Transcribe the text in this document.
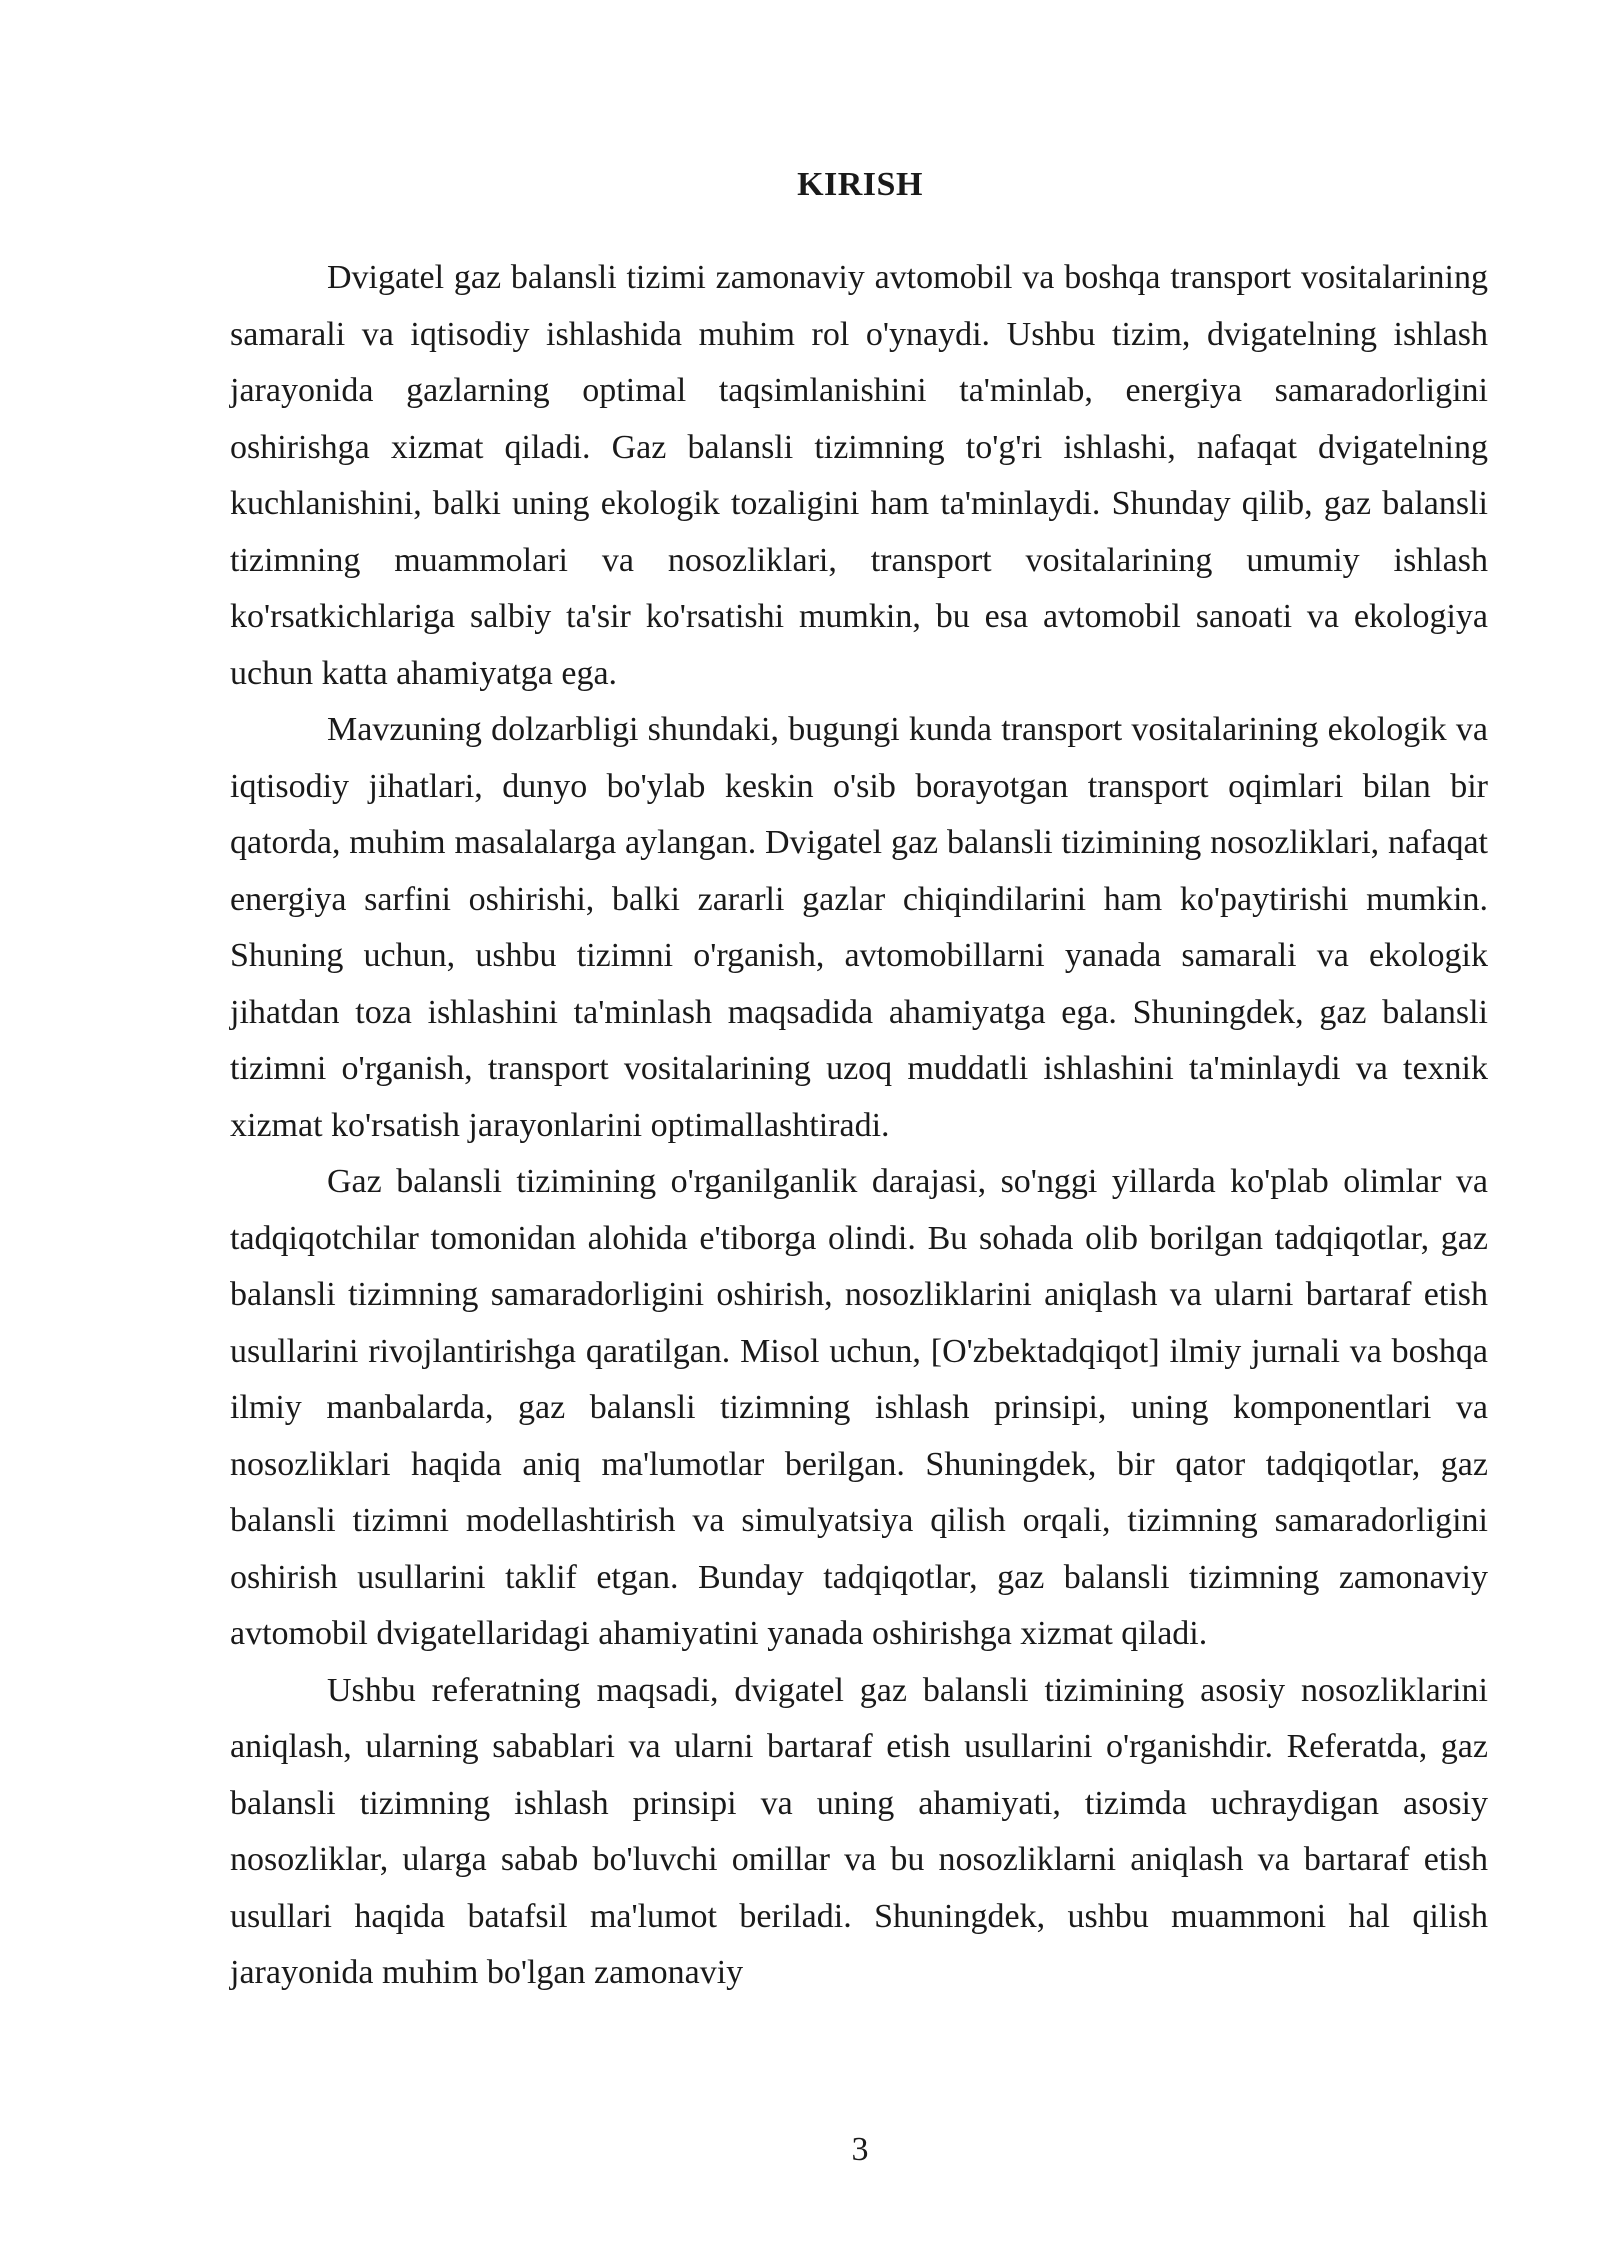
KIRISH

Dvigatel gaz balansli tizimi zamonaviy avtomobil va boshqa transport vositalarining samarali va iqtisodiy ishlashida muhim rol o'ynaydi. Ushbu tizim, dvigatelning ishlash jarayonida gazlarning optimal taqsimlanishini ta'minlab, energiya samaradorligini oshirishga xizmat qiladi. Gaz balansli tizimning to'g'ri ishlashi, nafaqat dvigatelning kuchlanishini, balki uning ekologik tozaligini ham ta'minlaydi. Shunday qilib, gaz balansli tizimning muammolari va nosozliklari, transport vositalarining umumiy ishlash ko'rsatkichlariga salbiy ta'sir ko'rsatishi mumkin, bu esa avtomobil sanoati va ekologiya uchun katta ahamiyatga ega.

Mavzuning dolzarbligi shundaki, bugungi kunda transport vositalarining ekologik va iqtisodiy jihatlari, dunyo bo'ylab keskin o'sib borayotgan transport oqimlari bilan bir qatorda, muhim masalalarga aylangan. Dvigatel gaz balansli tizimining nosozliklari, nafaqat energiya sarfini oshirishi, balki zararli gazlar chiqindilarini ham ko'paytirishi mumkin. Shuning uchun, ushbu tizimni o'rganish, avtomobillarni yanada samarali va ekologik jihatdan toza ishlashini ta'minlash maqsadida ahamiyatga ega. Shuningdek, gaz balansli tizimni o'rganish, transport vositalarining uzoq muddatli ishlashini ta'minlaydi va texnik xizmat ko'rsatish jarayonlarini optimallashtiradi.

Gaz balansli tizimining o'rganilganlik darajasi, so'nggi yillarda ko'plab olimlar va tadqiqotchilar tomonidan alohida e'tiborga olindi. Bu sohada olib borilgan tadqiqotlar, gaz balansli tizimning samaradorligini oshirish, nosozliklarini aniqlash va ularni bartaraf etish usullarini rivojlantirishga qaratilgan. Misol uchun, [O'zbektadqiqot] ilmiy jurnali va boshqa ilmiy manbalarda, gaz balansli tizimning ishlash prinsipi, uning komponentlari va nosozliklari haqida aniq ma'lumotlar berilgan. Shuningdek, bir qator tadqiqotlar, gaz balansli tizimni modellashtirish va simulyatsiya qilish orqali, tizimning samaradorligini oshirish usullarini taklif etgan. Bunday tadqiqotlar, gaz balansli tizimning zamonaviy avtomobil dvigatellaridagi ahamiyatini yanada oshirishga xizmat qiladi.

Ushbu referatning maqsadi, dvigatel gaz balansli tizimining asosiy nosozliklarini aniqlash, ularning sabablari va ularni bartaraf etish usullarini o'rganishdir. Referatda, gaz balansli tizimning ishlash prinsipi va uning ahamiyati, tizimda uchraydigan asosiy nosozliklar, ularga sabab bo'luvchi omillar va bu nosozliklarni aniqlash va bartaraf etish usullari haqida batafsil ma'lumot beriladi. Shuningdek, ushbu muammoni hal qilish jarayonida muhim bo'lgan zamonaviy

3
